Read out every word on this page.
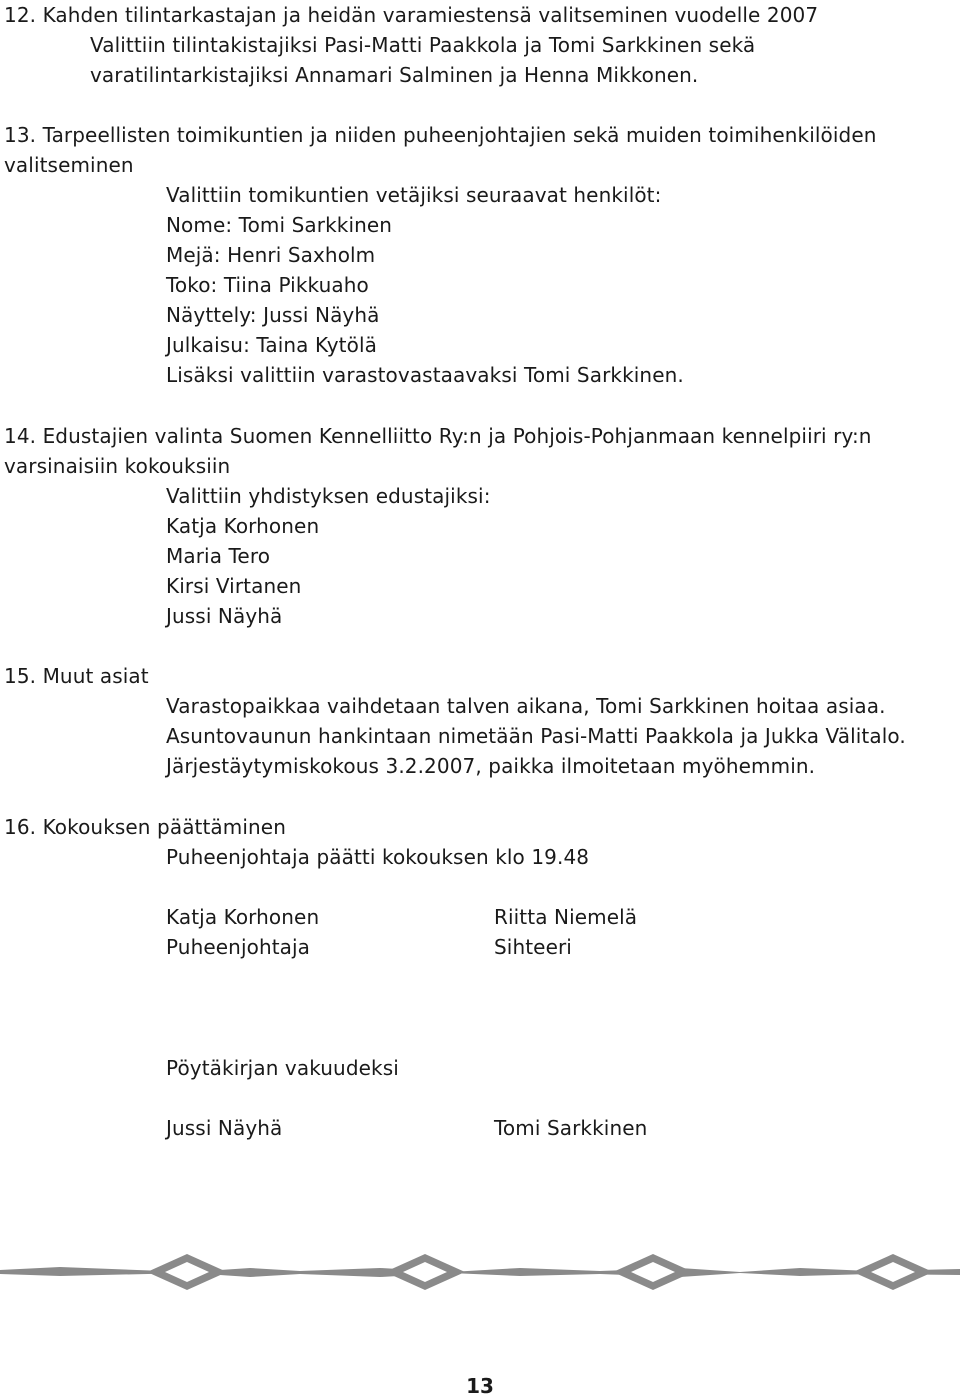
12. Kahden tilintarkastajan ja heidän varamiestensä valitseminen vuodelle 2007
Valittiin tilintakistajiksi Pasi-Matti Paakkola ja Tomi Sarkkinen sekä
varatilintarkistajiksi Annamari Salminen ja Henna Mikkonen.
13. Tarpeellisten toimikuntien ja niiden puheenjohtajien sekä muiden toimihenkilöiden
valitseminen
Valittiin tomikuntien vetäjiksi seuraavat henkilöt:
Nome: Tomi Sarkkinen
Mejä: Henri Saxholm
Toko: Tiina Pikkuaho
Näyttely: Jussi Näyhä
Julkaisu: Taina Kytölä
Lisäksi valittiin varastovastaavaksi Tomi Sarkkinen.
14. Edustajien valinta Suomen Kennelliitto Ry:n ja Pohjois-Pohjanmaan kennelpiiri ry:n
varsinaisiin kokouksiin
Valittiin yhdistyksen edustajiksi:
Katja Korhonen
Maria Tero
Kirsi Virtanen
Jussi Näyhä
15. Muut asiat
Varastopaikkaa vaihdetaan talven aikana, Tomi Sarkkinen hoitaa asiaa.
Asuntovaunun hankintaan nimetään Pasi-Matti Paakkola ja Jukka Välitalo.
Järjestäytymiskokous 3.2.2007, paikka ilmoitetaan myöhemmin.
16. Kokouksen päättäminen
Puheenjohtaja päätti kokouksen klo 19.48
Katja Korhonen	Riitta Niemelä
Puheenjohtaja	Sihteeri
Pöytäkirjan vakuudeksi
Jussi Näyhä	Tomi Sarkkinen
13
